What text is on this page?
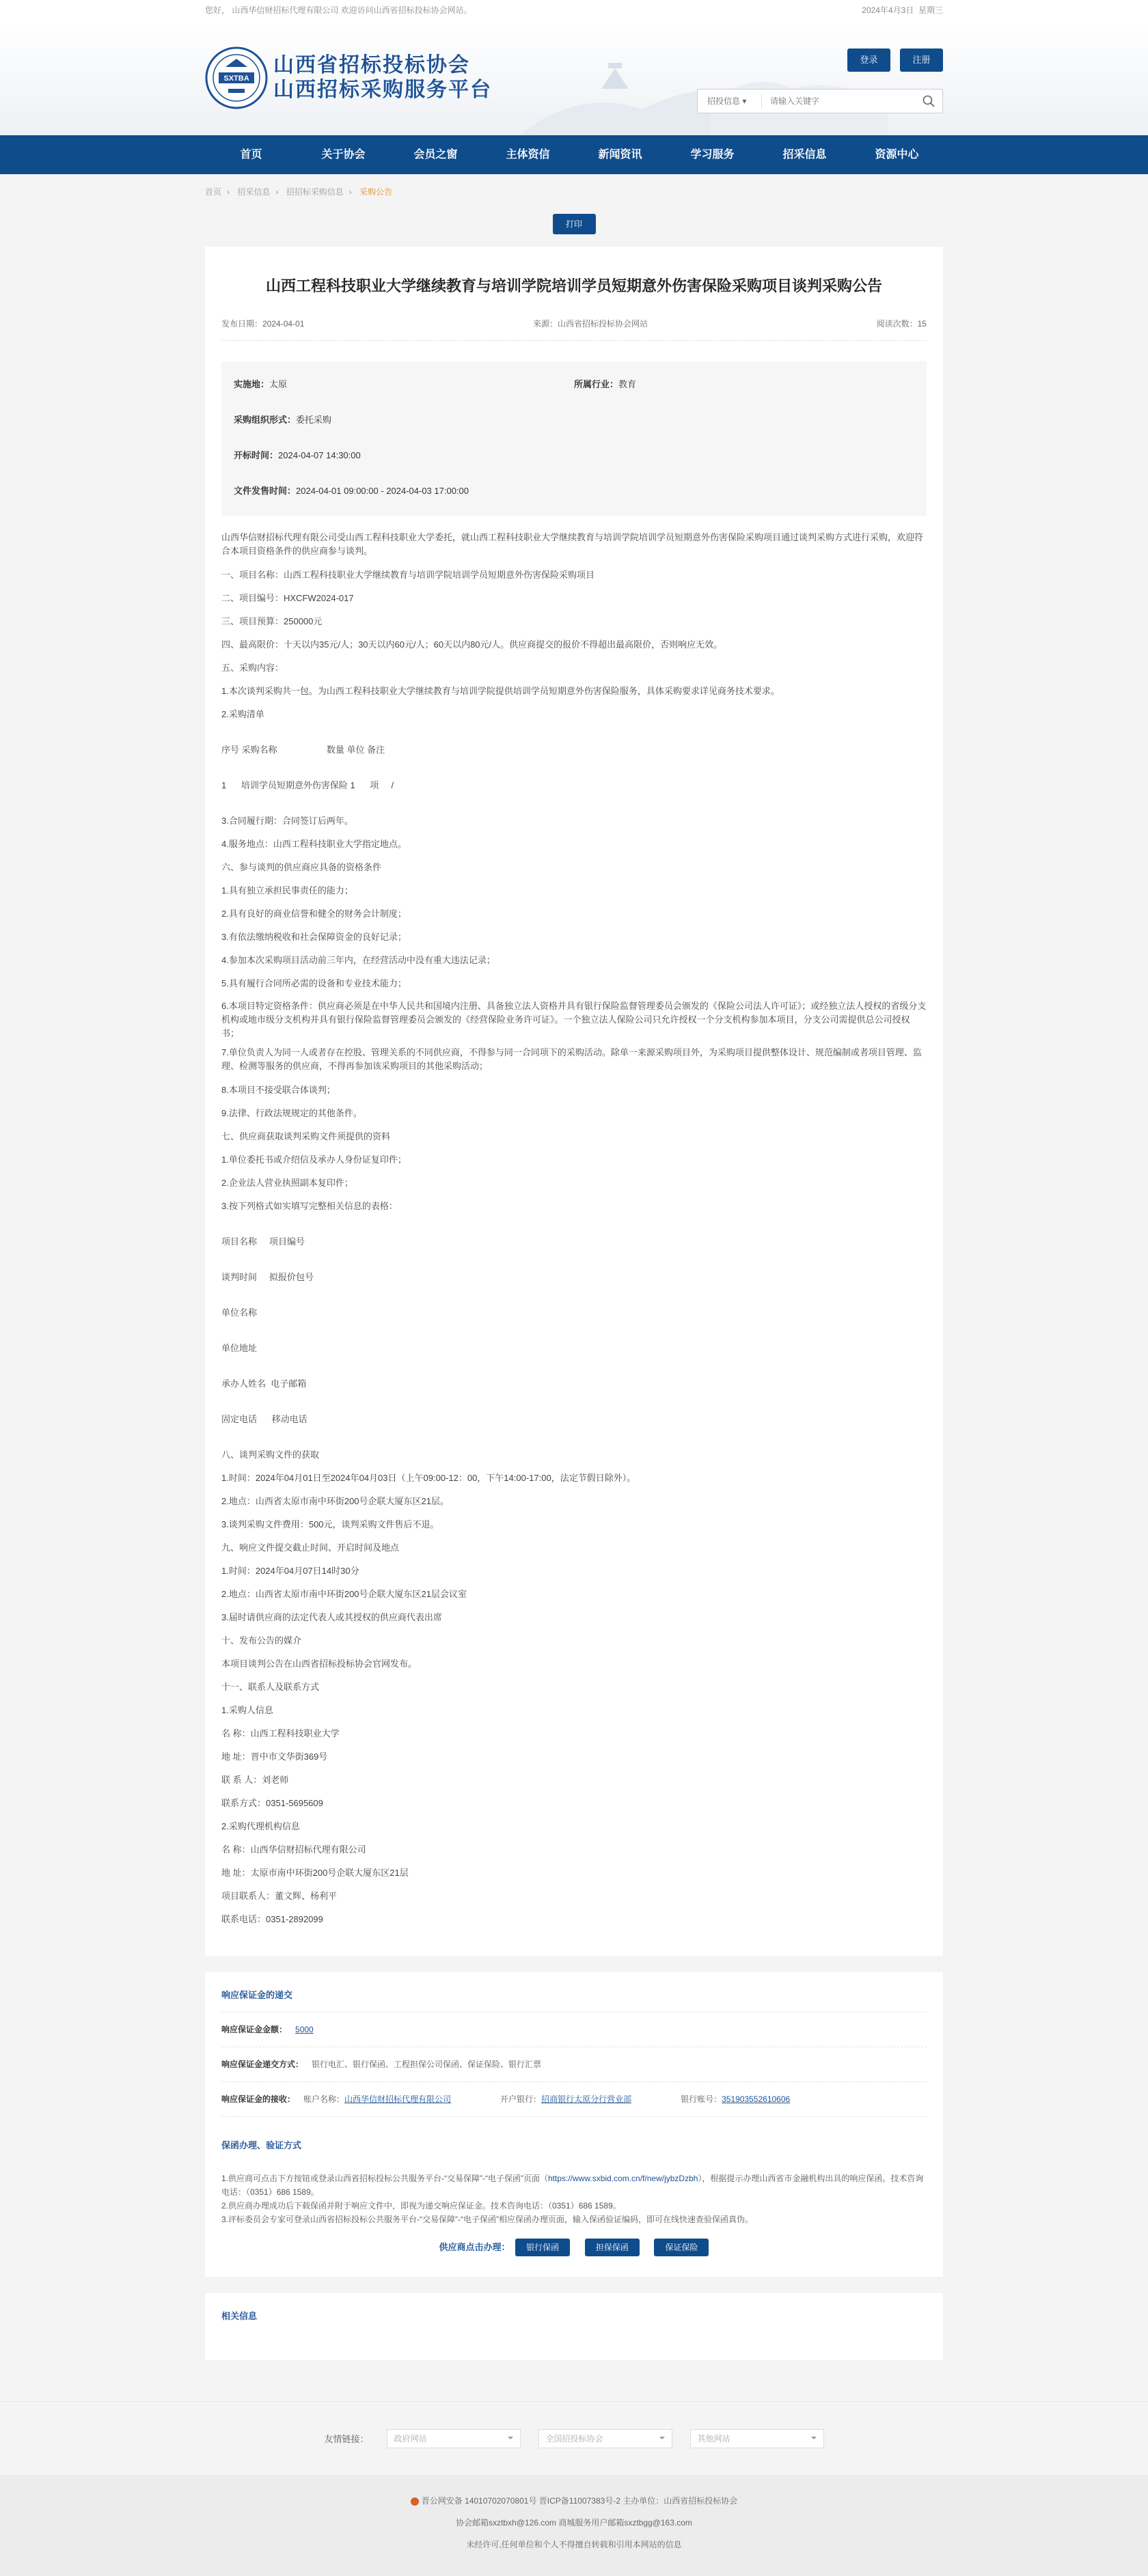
您好， 山西华信财招标代理有限公司 欢迎访问山西省招标投标协会网站。	2024年4月3日 星期三
SXTBA
山西省招标投标协会
山西招标采购服务平台
登录	注册
招投信息 ▾
请输入关键字
首页	关于协会	会员之窗	主体资信	新闻资讯	学习服务	招采信息	资源中心
首页 › 招采信息 › 招招标采购信息 › 采购公告
打印
山西工程科技职业大学继续教育与培训学院培训学员短期意外伤害保险采购项目谈判采购公告
发布日期：2024-04-01	来源：山西省招标投标协会网站	阅读次数：15
实施地：太原	所属行业：教育
采购组织形式：委托采购
开标时间：2024-04-07 14:30:00
文件发售时间：2024-04-01 09:00:00 - 2024-04-03 17:00:00

山西华信财招标代理有限公司受山西工程科技职业大学委托，就山西工程科技职业大学继续教育与培训学院培训学员短期意外伤害保险采购项目通过谈判采购方式进行采购，欢迎符合本项目资格条件的供应商参与谈判。

一、项目名称：山西工程科技职业大学继续教育与培训学院培训学员短期意外伤害保险采购项目

二、项目编号：HXCFW2024-017

三、项目预算：250000元

四、最高限价：十天以内35元/人；30天以内60元/人；60天以内80元/人。供应商提交的报价不得超出最高限价，否则响应无效。

五、采购内容：

1.本次谈判采购共一包。为山西工程科技职业大学继续教育与培训学院提供培训学员短期意外伤害保险服务，具体采购要求详见商务技术要求。

2.采购清单

序号 采购名称                    数量 单位 备注

1      培训学员短期意外伤害保险 1      项     /

3.合同履行期：合同签订后两年。

4.服务地点：山西工程科技职业大学指定地点。

六、参与谈判的供应商应具备的资格条件

1.具有独立承担民事责任的能力；

2.具有良好的商业信誉和健全的财务会计制度；

3.有依法缴纳税收和社会保障资金的良好记录；

4.参加本次采购项目活动前三年内，在经营活动中没有重大违法记录；

5.具有履行合同所必需的设备和专业技术能力；

6.本项目特定资格条件：供应商必须是在中华人民共和国境内注册、具备独立法人资格并具有银行保险监督管理委员会颁发的《保险公司法人许可证》；或经独立法人授权的省级分支机构或地市级分支机构并具有银行保险监督管理委员会颁发的《经营保险业务许可证》。一个独立法人保险公司只允许授权一个分支机构参加本项目，分支公司需提供总公司授权书；

7.单位负责人为同一人或者存在控股、管理关系的不同供应商，不得参与同一合同项下的采购活动。除单一来源采购项目外，为采购项目提供整体设计、规范编制或者项目管理、监理、检测等服务的供应商，不得再参加该采购项目的其他采购活动；

8.本项目不接受联合体谈判；

9.法律、行政法规规定的其他条件。

七、供应商获取谈判采购文件须提供的资料

1.单位委托书或介绍信及承办人身份证复印件；

2.企业法人营业执照副本复印件；

3.按下列格式如实填写完整相关信息的表格：

项目名称     项目编号

谈判时间     拟报价包号

单位名称

单位地址

承办人姓名  电子邮箱

固定电话      移动电话

八、谈判采购文件的获取

1.时间：2024年04月01日至2024年04月03日（上午09:00-12：00，下午14:00-17:00，法定节假日除外）。

2.地点：山西省太原市南中环街200号企联大厦东区21层。

3.谈判采购文件费用：500元，谈判采购文件售后不退。

九、响应文件提交截止时间、开启时间及地点

1.时间：2024年04月07日14时30分

2.地点：山西省太原市南中环街200号企联大厦东区21层会议室

3.届时请供应商的法定代表人或其授权的供应商代表出席

十、发布公告的媒介

本项目谈判公告在山西省招标投标协会官网发布。

十一、联系人及联系方式

1.采购人信息

名 称：山西工程科技职业大学

地 址：晋中市文华街369号

联 系 人：刘老师

联系方式：0351-5695609

2.采购代理机构信息

名 称：山西华信财招标代理有限公司

地 址：太原市南中环街200号企联大厦东区21层

项目联系人：董文辉、杨利平

联系电话：0351-2892099

响应保证金的递交
响应保证金金额： 5000
响应保证金递交方式： 银行电汇、银行保函、工程担保公司保函、保证保险、银行汇票
响应保证金的接收： 账户名称：山西华信财招标代理有限公司	开户银行：招商银行太原分行营业部	银行账号：351903552610606
保函办理、验证方式

1.供应商可点击下方按钮或登录山西省招标投标公共服务平台-“交易保障”-“电子保函”页面（https://www.sxbid.com.cn/f/new/jybzDzbh），根据提示办理山西省市金融机构出具的响应保函。技术咨询电话：（0351）686 1589。

2.供应商办理成功后下载保函并附于响应文件中，即视为递交响应保证金。技术咨询电话：（0351）686 1589。

3.评标委员会专家可登录山西省招标投标公共服务平台-“交易保障”-“电子保函”相应保函办理页面，输入保函验证编码，即可在线快速查验保函真伪。

供应商点击办理： 银行保函	担保保函	保证保险
相关信息
友情链接：	政府网站	全国招投标协会	其他网站

晋公网安备 14010702070801号 晋ICP备11007383号-2 主办单位：山西省招标投标协会

协会邮箱sxztbxh@126.com 商城服务用户邮箱sxztbgg@163.com

未经许可,任何单位和个人不得擅自转载和引用本网站的信息
